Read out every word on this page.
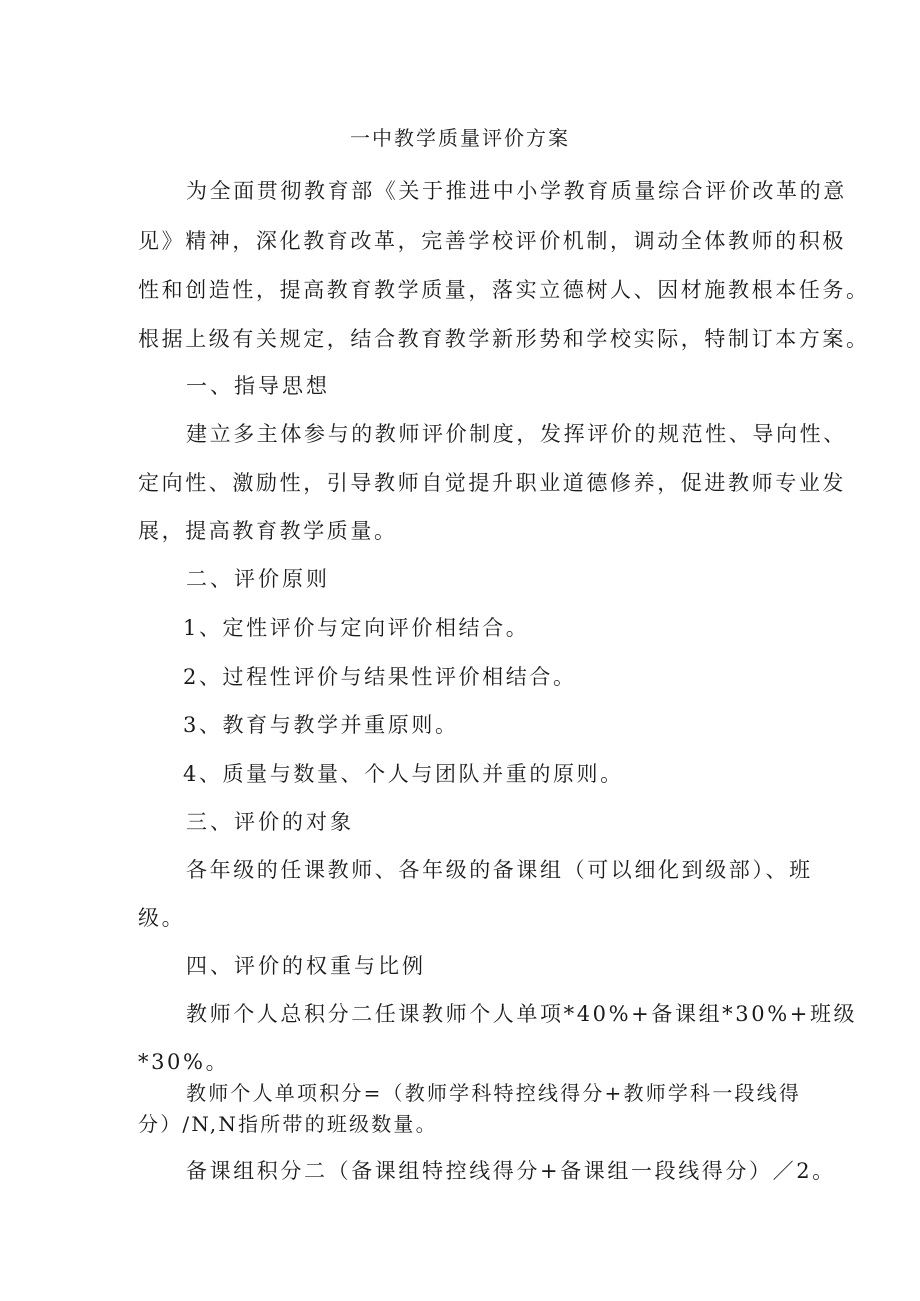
一中教学质量评价方案
为全面贯彻教育部《关于推进中小学教育质量综合评价改革的意
见》精神，深化教育改革，完善学校评价机制，调动全体教师的积极
性和创造性，提高教育教学质量，落实立德树人、因材施教根本任务。
根据上级有关规定，结合教育教学新形势和学校实际，特制订本方案。
一、指导思想
建立多主体参与的教师评价制度，发挥评价的规范性、导向性、
定向性、激励性，引导教师自觉提升职业道德修养，促进教师专业发
展，提高教育教学质量。
二、评价原则
1、定性评价与定向评价相结合。
2、过程性评价与结果性评价相结合。
3、教育与教学并重原则。
4、质量与数量、个人与团队并重的原则。
三、评价的对象
各年级的任课教师、各年级的备课组（可以细化到级部）、班
级。
四、评价的权重与比例
教师个人总积分二任课教师个人单项*40%+备课组*30%+班级
*30%。
教师个人单项积分=（教师学科特控线得分+教师学科一段线得
分）/N,N指所带的班级数量。
备课组积分二（备课组特控线得分+备课组一段线得分）／2。
